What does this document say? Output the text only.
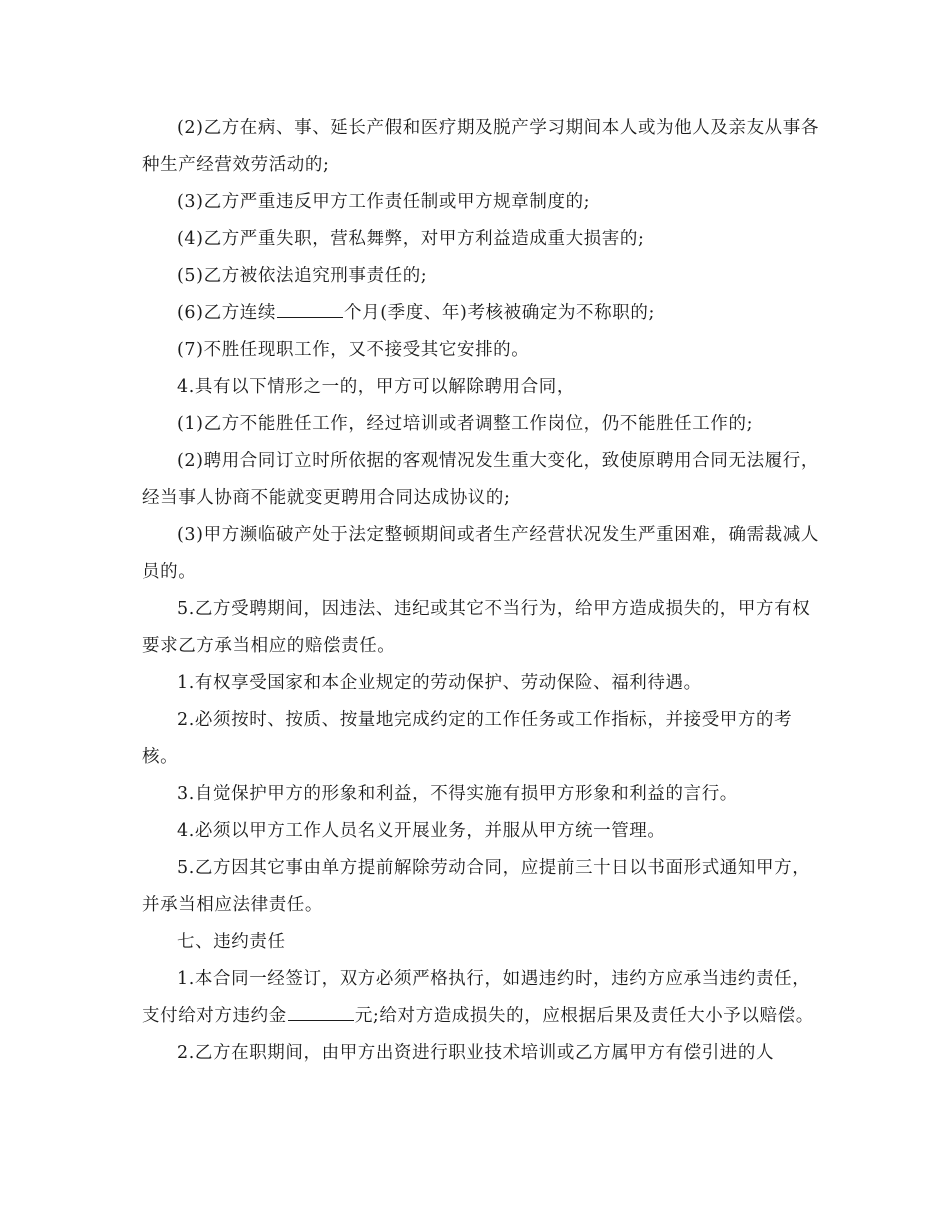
(2)乙方在病、事、延长产假和医疗期及脱产学习期间本人或为他人及亲友从事各种生产经营效劳活动的;

(3)乙方严重违反甲方工作责任制或甲方规章制度的;

(4)乙方严重失职，营私舞弊，对甲方利益造成重大损害的;

(5)乙方被依法追究刑事责任的;

(6)乙方连续	个月(季度、年)考核被确定为不称职的;

(7)不胜任现职工作，又不接受其它安排的。

4.具有以下情形之一的，甲方可以解除聘用合同，

(1)乙方不能胜任工作，经过培训或者调整工作岗位，仍不能胜任工作的;

(2)聘用合同订立时所依据的客观情况发生重大变化，致使原聘用合同无法履行，经当事人协商不能就变更聘用合同达成协议的;

(3)甲方濒临破产处于法定整顿期间或者生产经营状况发生严重困难，确需裁减人员的。

5.乙方受聘期间，因违法、违纪或其它不当行为，给甲方造成损失的，甲方有权要求乙方承当相应的赔偿责任。

1.有权享受国家和本企业规定的劳动保护、劳动保险、福利待遇。

2.必须按时、按质、按量地完成约定的工作任务或工作指标，并接受甲方的考核。

3.自觉保护甲方的形象和利益，不得实施有损甲方形象和利益的言行。

4.必须以甲方工作人员名义开展业务，并服从甲方统一管理。

5.乙方因其它事由单方提前解除劳动合同，应提前三十日以书面形式通知甲方，并承当相应法律责任。

七、违约责任

1.本合同一经签订，双方必须严格执行，如遇违约时，违约方应承当违约责任，支付给对方违约金	元;给对方造成损失的，应根据后果及责任大小予以赔偿。

2.乙方在职期间，由甲方出资进行职业技术培训或乙方属甲方有偿引进的人
